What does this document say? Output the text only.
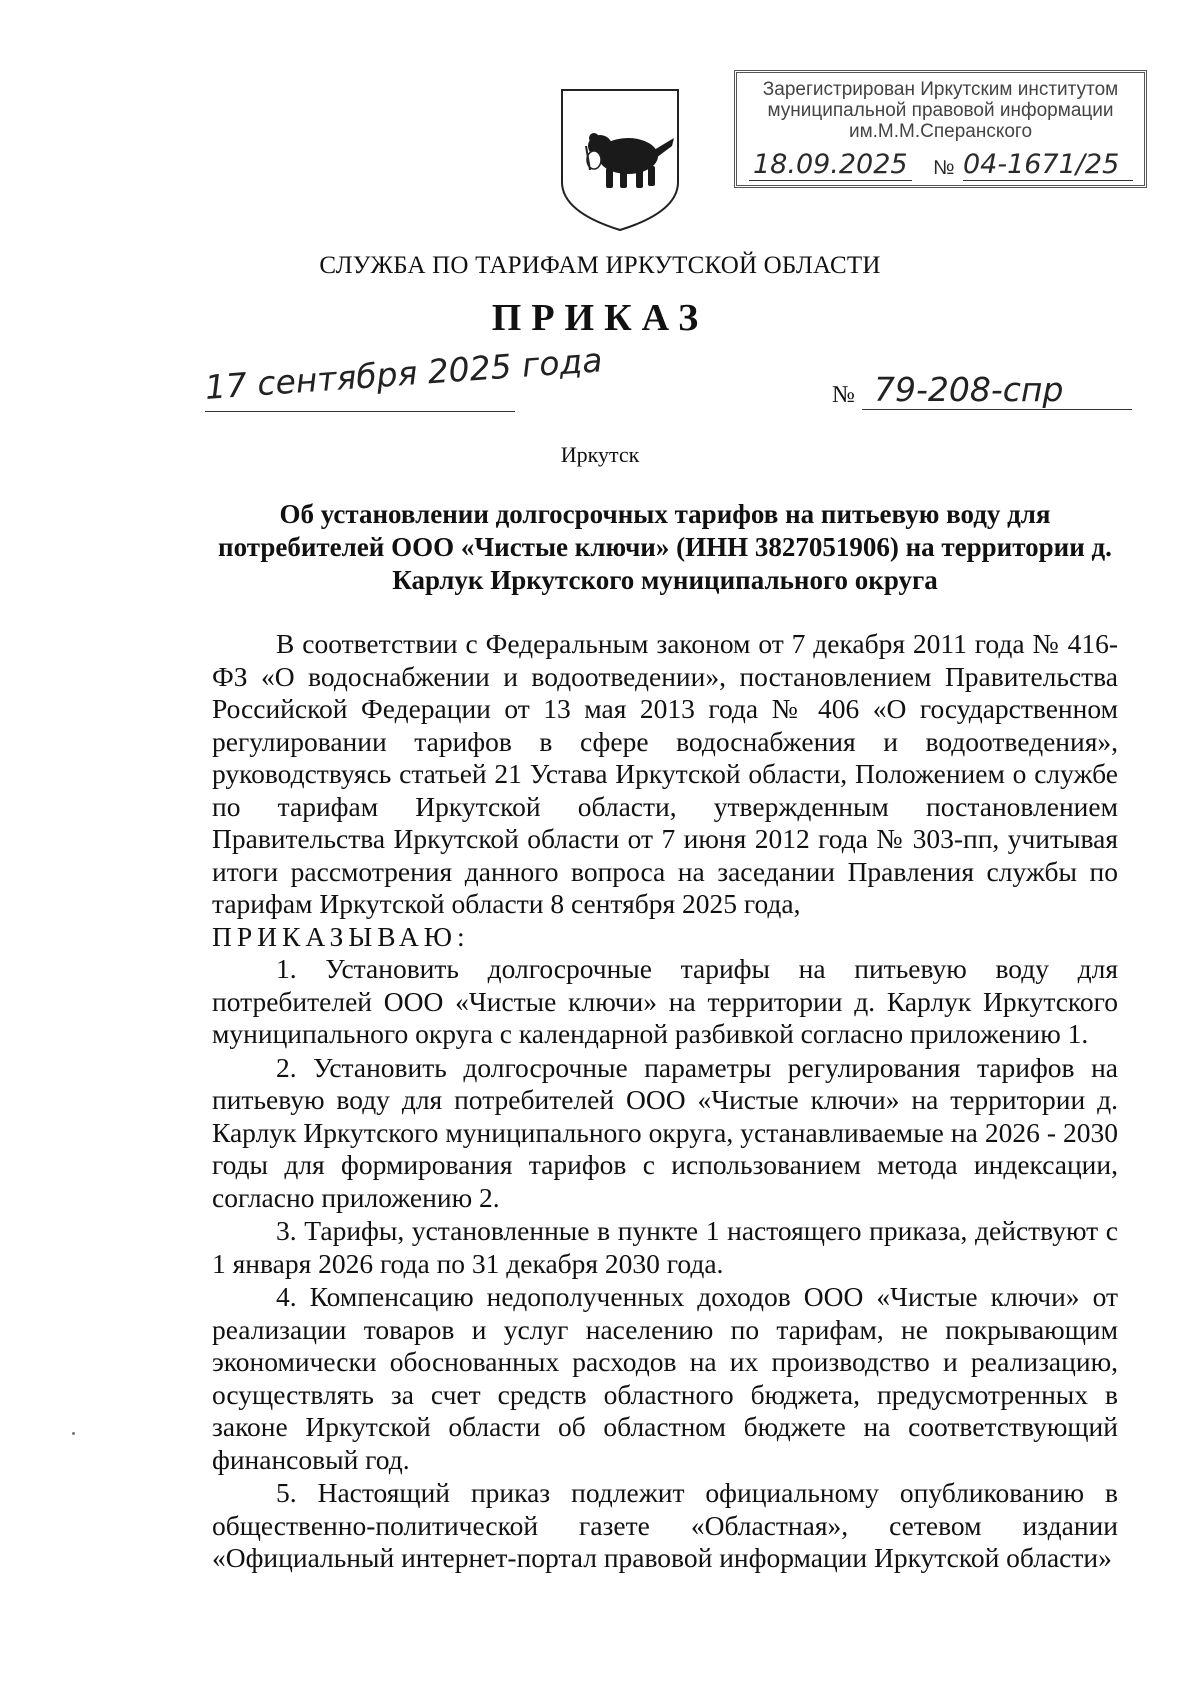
Зарегистрирован Иркутским институтом
муниципальной правовой информации
им.М.М.Сперанского
18.09.2025 № 04-1671/25
СЛУЖБА ПО ТАРИФАМ ИРКУТСКОЙ ОБЛАСТИ
ПРИКАЗ
17 сентября 2025 года	№ 79-208-спр
Иркутск
Об установлении долгосрочных тарифов на питьевую воду для потребителей ООО «Чистые ключи» (ИНН 3827051906) на территории д. Карлук Иркутского муниципального округа

В соответствии с Федеральным законом от 7 декабря 2011 года № 416-ФЗ «О водоснабжении и водоотведении», постановлением Правительства Российской Федерации от 13 мая 2013 года № 406 «О государственном регулировании тарифов в сфере водоснабжения и водоотведения», руководствуясь статьей 21 Устава Иркутской области, Положением о службе по тарифам Иркутской области, утвержденным постановлением Правительства Иркутской области от 7 июня 2012 года № 303-пп, учитывая итоги рассмотрения данного вопроса на заседании Правления службы по тарифам Иркутской области 8 сентября 2025 года,

ПРИКАЗЫВАЮ:

1. Установить долгосрочные тарифы на питьевую воду для потребителей ООО «Чистые ключи» на территории д. Карлук Иркутского муниципального округа с календарной разбивкой согласно приложению 1.

2. Установить долгосрочные параметры регулирования тарифов на питьевую воду для потребителей ООО «Чистые ключи» на территории д. Карлук Иркутского муниципального округа, устанавливаемые на 2026 - 2030 годы для формирования тарифов с использованием метода индексации, согласно приложению 2.

3. Тарифы, установленные в пункте 1 настоящего приказа, действуют с 1 января 2026 года по 31 декабря 2030 года.

4. Компенсацию недополученных доходов ООО «Чистые ключи» от реализации товаров и услуг населению по тарифам, не покрывающим экономически обоснованных расходов на их производство и реализацию, осуществлять за счет средств областного бюджета, предусмотренных в законе Иркутской области об областном бюджете на соответствующий финансовый год.

5. Настоящий приказ подлежит официальному опубликованию в общественно-политической газете «Областная», сетевом издании «Официальный интернет-портал правовой информации Иркутской области»
